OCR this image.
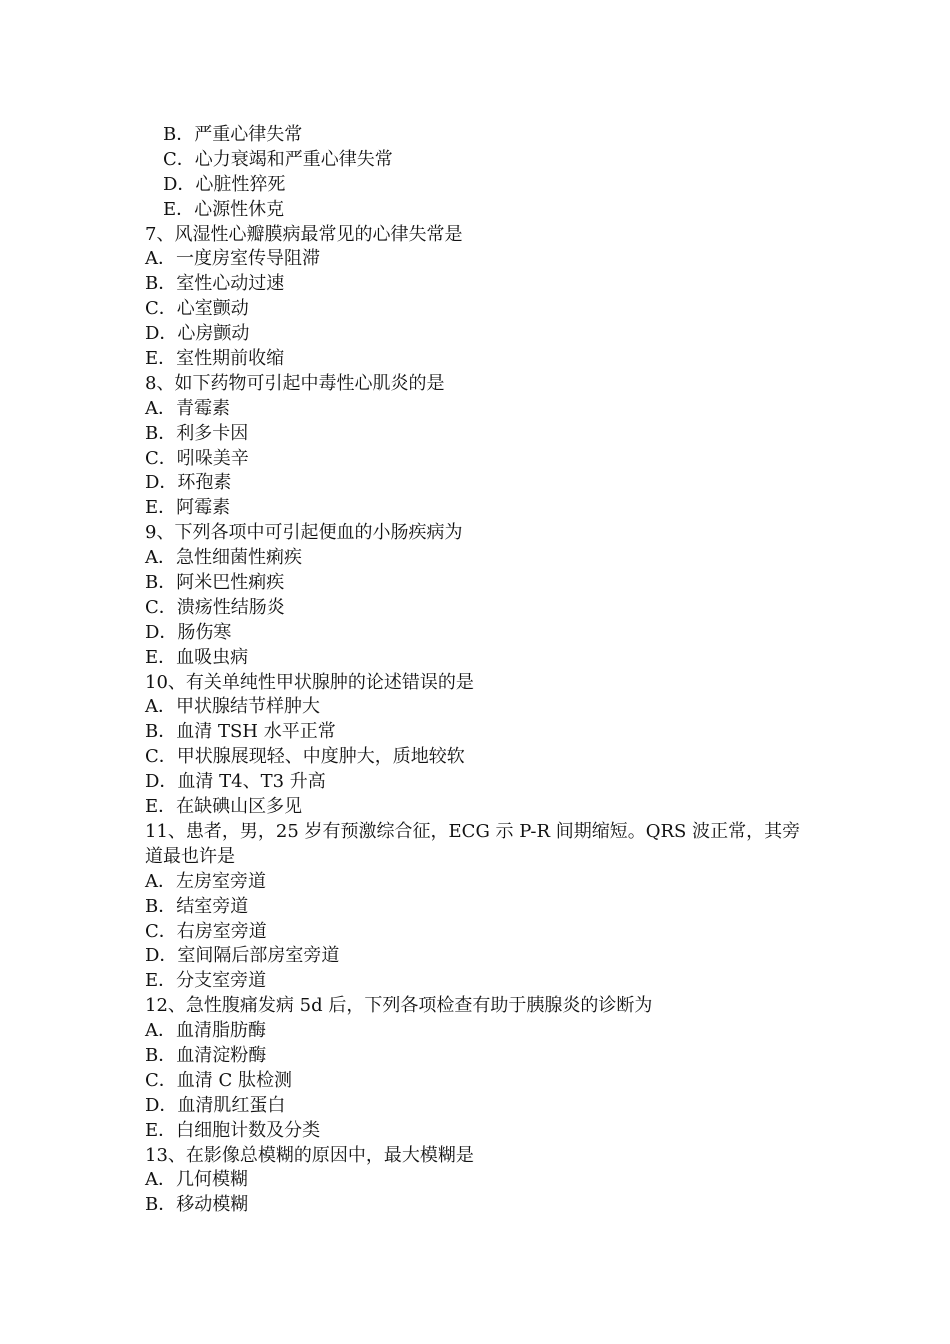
B．严重心律失常
C．心力衰竭和严重心律失常
D．心脏性猝死
E．心源性休克
7、风湿性心瓣膜病最常见的心律失常是
A．一度房室传导阻滞
B．室性心动过速
C．心室颤动
D．心房颤动
E．室性期前收缩
8、如下药物可引起中毒性心肌炎的是
A．青霉素
B．利多卡因
C．吲哚美辛
D．环孢素
E．阿霉素
9、下列各项中可引起便血的小肠疾病为
A．急性细菌性痢疾
B．阿米巴性痢疾
C．溃疡性结肠炎
D．肠伤寒
E．血吸虫病
10、有关单纯性甲状腺肿的论述错误的是
A．甲状腺结节样肿大
B．血清 TSH 水平正常
C．甲状腺展现轻、中度肿大，质地较软
D．血清 T4、T3 升高
E．在缺碘山区多见
11、患者，男，25 岁有预激综合征，ECG 示 P-R 间期缩短。QRS 波正常，其旁
道最也许是
A．左房室旁道
B．结室旁道
C．右房室旁道
D．室间隔后部房室旁道
E．分支室旁道
12、急性腹痛发病 5d 后，下列各项检查有助于胰腺炎的诊断为
A．血清脂肪酶
B．血清淀粉酶
C．血清 C 肽检测
D．血清肌红蛋白
E．白细胞计数及分类
13、在影像总模糊的原因中，最大模糊是
A．几何模糊
B．移动模糊
